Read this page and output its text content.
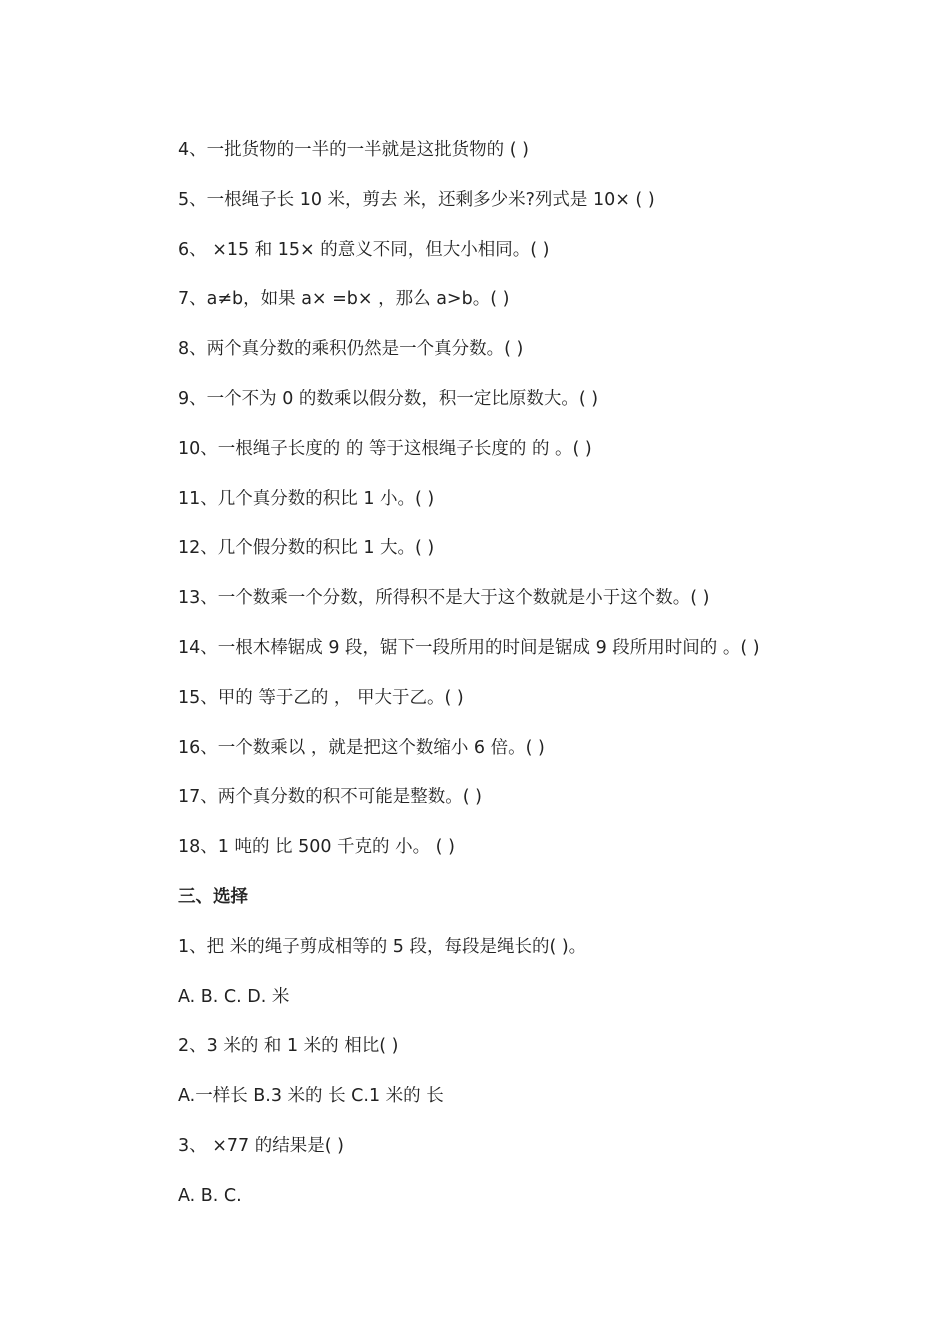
4、一批货物的一半的一半就是这批货物的 ( )
5、一根绳子长 10 米，剪去 米，还剩多少米?列式是 10× ( )
6、 ×15 和 15× 的意义不同，但大小相同。( )
7、a≠b，如果 a× =b× ，那么 a>b。( )
8、两个真分数的乘积仍然是一个真分数。( )
9、一个不为 0 的数乘以假分数，积一定比原数大。( )
10、一根绳子长度的 的 等于这根绳子长度的 的 。( )
11、几个真分数的积比 1 小。( )
12、几个假分数的积比 1 大。( )
13、一个数乘一个分数，所得积不是大于这个数就是小于这个数。( )
14、一根木棒锯成 9 段，锯下一段所用的时间是锯成 9 段所用时间的 。( )
15、甲的 等于乙的 ， 甲大于乙。( )
16、一个数乘以 ，就是把这个数缩小 6 倍。( )
17、两个真分数的积不可能是整数。( )
18、1 吨的 比 500 千克的 小。 ( )
三、选择
1、把 米的绳子剪成相等的 5 段，每段是绳长的( )。
A. B. C. D. 米
2、3 米的 和 1 米的 相比( )
A.一样长 B.3 米的 长 C.1 米的 长
3、 ×77 的结果是( )
A. B. C.
